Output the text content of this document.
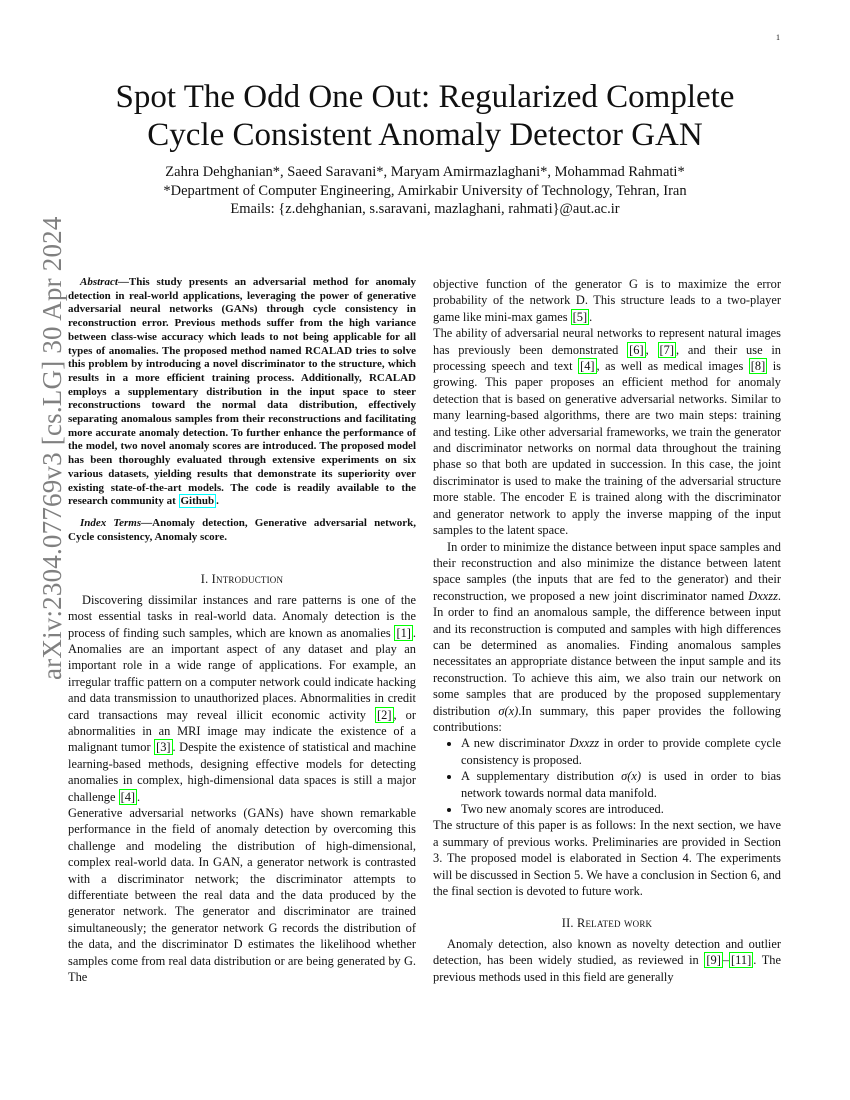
1
arXiv:2304.07769v3 [cs.LG] 30 Apr 2024
Spot The Odd One Out: Regularized Complete
Cycle Consistent Anomaly Detector GAN
Zahra Dehghanian*, Saeed Saravani*, Maryam Amirmazlaghani*, Mohammad Rahmati*
*Department of Computer Engineering, Amirkabir University of Technology, Tehran, Iran
Emails: {z.dehghanian, s.saravani, mazlaghani, rahmati}@aut.ac.ir

Abstract—This study presents an adversarial method for anomaly detection in real-world applications, leveraging the power of generative adversarial neural networks (GANs) through cycle consistency in reconstruction error. Previous methods suffer from the high variance between class-wise accuracy which leads to not being applicable for all types of anomalies. The proposed method named RCALAD tries to solve this problem by introducing a novel discriminator to the structure, which results in a more efficient training process. Additionally, RCALAD employs a supplementary distribution in the input space to steer reconstructions toward the normal data distribution, effectively separating anomalous samples from their reconstructions and facilitating more accurate anomaly detection. To further enhance the performance of the model, two novel anomaly scores are introduced. The proposed model has been thoroughly evaluated through extensive experiments on six various datasets, yielding results that demonstrate its superiority over existing state-of-the-art models. The code is readily available to the research community at Github .

Index Terms—Anomaly detection, Generative adversarial network, Cycle consistency, Anomaly score.

I. Introduction

Discovering dissimilar instances and rare patterns is one of the most essential tasks in real-world data. Anomaly detection is the process of finding such samples, which are known as anomalies [1] . Anomalies are an important aspect of any dataset and play an important role in a wide range of applications. For example, an irregular traffic pattern on a computer network could indicate hacking and data transmission to unauthorized places. Abnormalities in credit card transactions may reveal illicit economic activity [2] , or abnormalities in an MRI image may indicate the existence of a malignant tumor [3] . Despite the existence of statistical and machine learning-based methods, designing effective models for detecting anomalies in complex, high-dimensional data spaces is still a major challenge [4] .

Generative adversarial networks (GANs) have shown remarkable performance in the field of anomaly detection by overcoming this challenge and modeling the distribution of high-dimensional, complex real-world data. In GAN, a generator network is contrasted with a discriminator network; the discriminator attempts to differentiate between the real data and the data produced by the generator network. The generator and discriminator are trained simultaneously; the generator network G records the distribution of the data, and the discriminator D estimates the likelihood whether samples come from real data distribution or are being generated by G. The

objective function of the generator G is to maximize the error probability of the network D. This structure leads to a two-player game like mini-max games [5] .

The ability of adversarial neural networks to represent natural images has previously been demonstrated [6] , [7] , and their use in processing speech and text [4] , as well as medical images [8] is growing. This paper proposes an efficient method for anomaly detection that is based on generative adversarial networks. Similar to many learning-based algorithms, there are two main steps: training and testing. Like other adversarial frameworks, we train the generator and discriminator networks on normal data throughout the training phase so that both are updated in succession. In this case, the joint discriminator is used to make the training of the adversarial structure more stable. The encoder E is trained along with the discriminator and generator network to apply the inverse mapping of the input samples to the latent space.

In order to minimize the distance between input space samples and their reconstruction and also minimize the distance between latent space samples (the inputs that are fed to the generator) and their reconstruction, we proposed a new joint discriminator named Dxxzz. In order to find an anomalous sample, the difference between input and its reconstruction is computed and samples with high differences can be determined as anomalies. Finding anomalous samples necessitates an appropriate distance between the input sample and its reconstruction. To achieve this aim, we also train our network on some samples that are produced by the proposed supplementary distribution σ(x).In summary, this paper provides the following contributions:

• A new discriminator Dxxzz in order to provide complete cycle consistency is proposed.
• A supplementary distribution σ(x) is used in order to bias network towards normal data manifold.
• Two new anomaly scores are introduced.

The structure of this paper is as follows: In the next section, we have a summary of previous works. Preliminaries are provided in Section 3. The proposed model is elaborated in Section 4. The experiments will be discussed in Section 5. We have a conclusion in Section 6, and the final section is devoted to future work.

II. Related work

Anomaly detection, also known as novelty detection and outlier detection, has been widely studied, as reviewed in [9] – [11] . The previous methods used in this field are generally
